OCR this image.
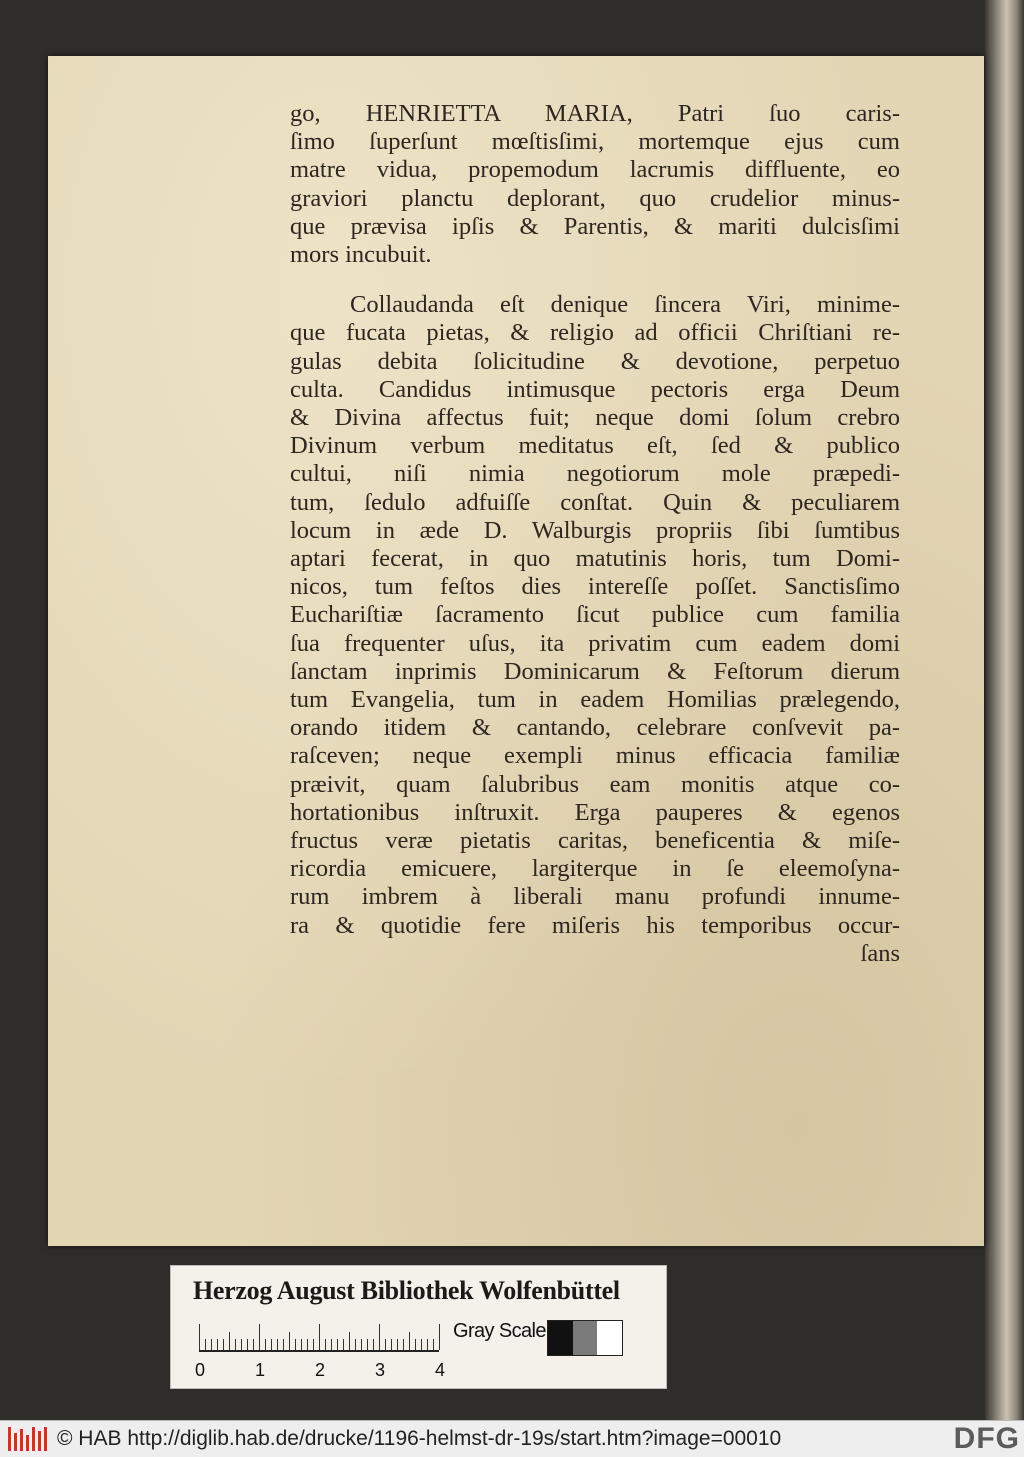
go, HENRIETTA MARIA, Patri ſuo caris-
ſimo ſuperſunt mœſtisſimi, mortemque ejus cum
matre vidua, propemodum lacrumis diffluente, eo
graviori planctu deplorant, quo crudelior minus-
que prævisa ipſis & Parentis, & mariti dulcisſimi
mors incubuit.
Collaudanda eſt denique ſincera Viri, minime-
que fucata pietas, & religio ad officii Chriſtiani re-
gulas debita ſolicitudine & devotione, perpetuo
culta. Candidus intimusque pectoris erga Deum
& Divina affectus fuit; neque domi ſolum crebro
Divinum verbum meditatus eſt, ſed & publico
cultui, niſi nimia negotiorum mole præpedi-
tum, ſedulo adfuiſſe conſtat. Quin & peculiarem
locum in æde D. Walburgis propriis ſibi ſumtibus
aptari fecerat, in quo matutinis horis, tum Domi-
nicos, tum feſtos dies intereſſe poſſet. Sanctisſimo
Euchariſtiæ ſacramento ſicut publice cum familia
ſua frequenter uſus, ita privatim cum eadem domi
ſanctam inprimis Dominicarum & Feſtorum dierum
tum Evangelia, tum in eadem Homilias prælegendo,
orando itidem & cantando, celebrare conſvevit pa-
raſceven; neque exempli minus efficacia familiæ
præivit, quam ſalubribus eam monitis atque co-
hortationibus inſtruxit. Erga pauperes & egenos
fructus veræ pietatis caritas, beneficentia & miſe-
ricordia emicuere, largiterque in ſe eleemoſyna-
rum imbrem à liberali manu profundi innume-
ra & quotidie fere miſeris his temporibus occur-
ſans
Herzog August Bibliothek Wolfenbüttel
0	1	2	3	4
Gray Scale
© HAB http://diglib.hab.de/drucke/1196-helmst-dr-19s/start.htm?image=00010	DFG
